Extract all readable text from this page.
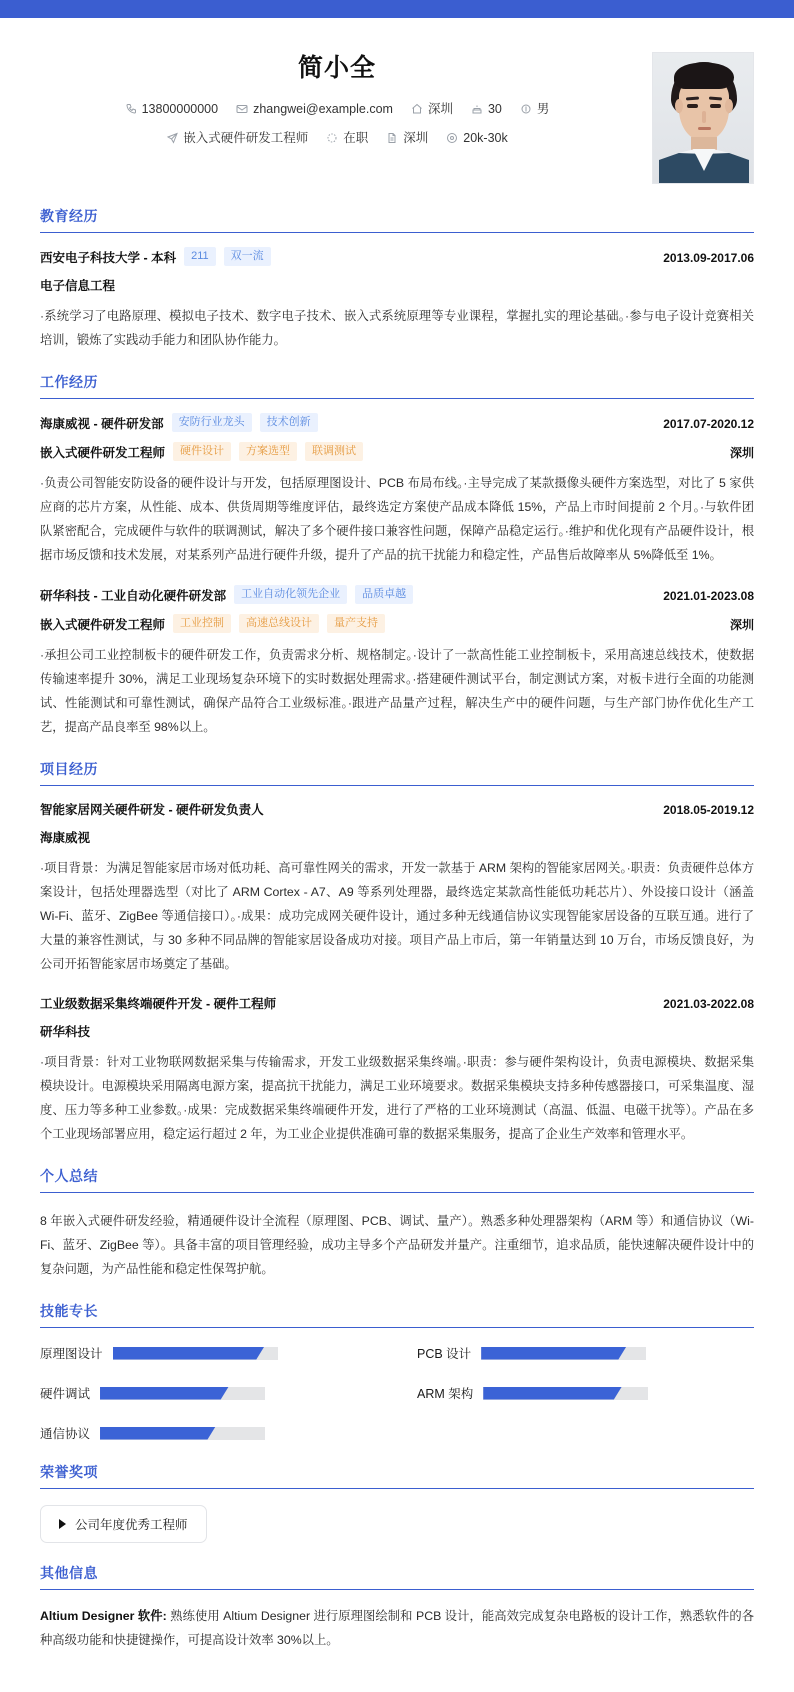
简小全
13800000000	zhangwei@example.com	深圳	30	男
嵌入式硬件研发工程师	在职	深圳	20k-30k
教育经历
西安电子科技大学 - 本科	211	双一流	2013.09-2017.06
电子信息工程
·系统学习了电路原理、模拟电子技术、数字电子技术、嵌入式系统原理等专业课程，掌握扎实的理论基础。·参与电子设计竞赛相关培训，锻炼了实践动手能力和团队协作能力。
工作经历
海康威视 - 硬件研发部	安防行业龙头	技术创新	2017.07-2020.12
嵌入式硬件研发工程师	硬件设计	方案选型	联调测试	深圳
·负责公司智能安防设备的硬件设计与开发，包括原理图设计、PCB 布局布线。·主导完成了某款摄像头硬件方案选型，对比了 5 家供应商的芯片方案，从性能、成本、供货周期等维度评估，最终选定方案使产品成本降低 15%，产品上市时间提前 2 个月。·与软件团队紧密配合，完成硬件与软件的联调测试，解决了多个硬件接口兼容性问题，保障产品稳定运行。·维护和优化现有产品硬件设计，根据市场反馈和技术发展，对某系列产品进行硬件升级，提升了产品的抗干扰能力和稳定性，产品售后故障率从 5%降低至 1%。
研华科技 - 工业自动化硬件研发部	工业自动化领先企业	品质卓越	2021.01-2023.08
嵌入式硬件研发工程师	工业控制	高速总线设计	量产支持	深圳
·承担公司工业控制板卡的硬件研发工作，负责需求分析、规格制定。·设计了一款高性能工业控制板卡，采用高速总线技术，使数据传输速率提升 30%，满足工业现场复杂环境下的实时数据处理需求。·搭建硬件测试平台，制定测试方案，对板卡进行全面的功能测试、性能测试和可靠性测试，确保产品符合工业级标准。·跟进产品量产过程，解决生产中的硬件问题，与生产部门协作优化生产工艺，提高产品良率至 98%以上。
项目经历
智能家居网关硬件研发 - 硬件研发负责人	2018.05-2019.12
海康威视
·项目背景：为满足智能家居市场对低功耗、高可靠性网关的需求，开发一款基于 ARM 架构的智能家居网关。·职责：负责硬件总体方案设计，包括处理器选型（对比了 ARM Cortex - A7、A9 等系列处理器，最终选定某款高性能低功耗芯片）、外设接口设计（涵盖 Wi-Fi、蓝牙、ZigBee 等通信接口）。·成果：成功完成网关硬件设计，通过多种无线通信协议实现智能家居设备的互联互通。进行了大量的兼容性测试，与 30 多种不同品牌的智能家居设备成功对接。项目产品上市后，第一年销量达到 10 万台，市场反馈良好，为公司开拓智能家居市场奠定了基础。
工业级数据采集终端硬件开发 - 硬件工程师	2021.03-2022.08
研华科技
·项目背景：针对工业物联网数据采集与传输需求，开发工业级数据采集终端。·职责：参与硬件架构设计，负责电源模块、数据采集模块设计。电源模块采用隔离电源方案，提高抗干扰能力，满足工业环境要求。数据采集模块支持多种传感器接口，可采集温度、湿度、压力等多种工业参数。·成果：完成数据采集终端硬件开发，进行了严格的工业环境测试（高温、低温、电磁干扰等）。产品在多个工业现场部署应用，稳定运行超过 2 年，为工业企业提供准确可靠的数据采集服务，提高了企业生产效率和管理水平。
个人总结
8 年嵌入式硬件研发经验，精通硬件设计全流程（原理图、PCB、调试、量产）。熟悉多种处理器架构（ARM 等）和通信协议（Wi-Fi、蓝牙、ZigBee 等）。具备丰富的项目管理经验，成功主导多个产品研发并量产。注重细节，追求品质，能快速解决硬件设计中的复杂问题，为产品性能和稳定性保驾护航。
技能专长
原理图设计	PCB 设计
硬件调试	ARM 架构
通信协议
荣誉奖项
公司年度优秀工程师
其他信息
Altium Designer 软件: 熟练使用 Altium Designer 进行原理图绘制和 PCB 设计，能高效完成复杂电路板的设计工作，熟悉软件的各种高级功能和快捷键操作，可提高设计效率 30%以上。
